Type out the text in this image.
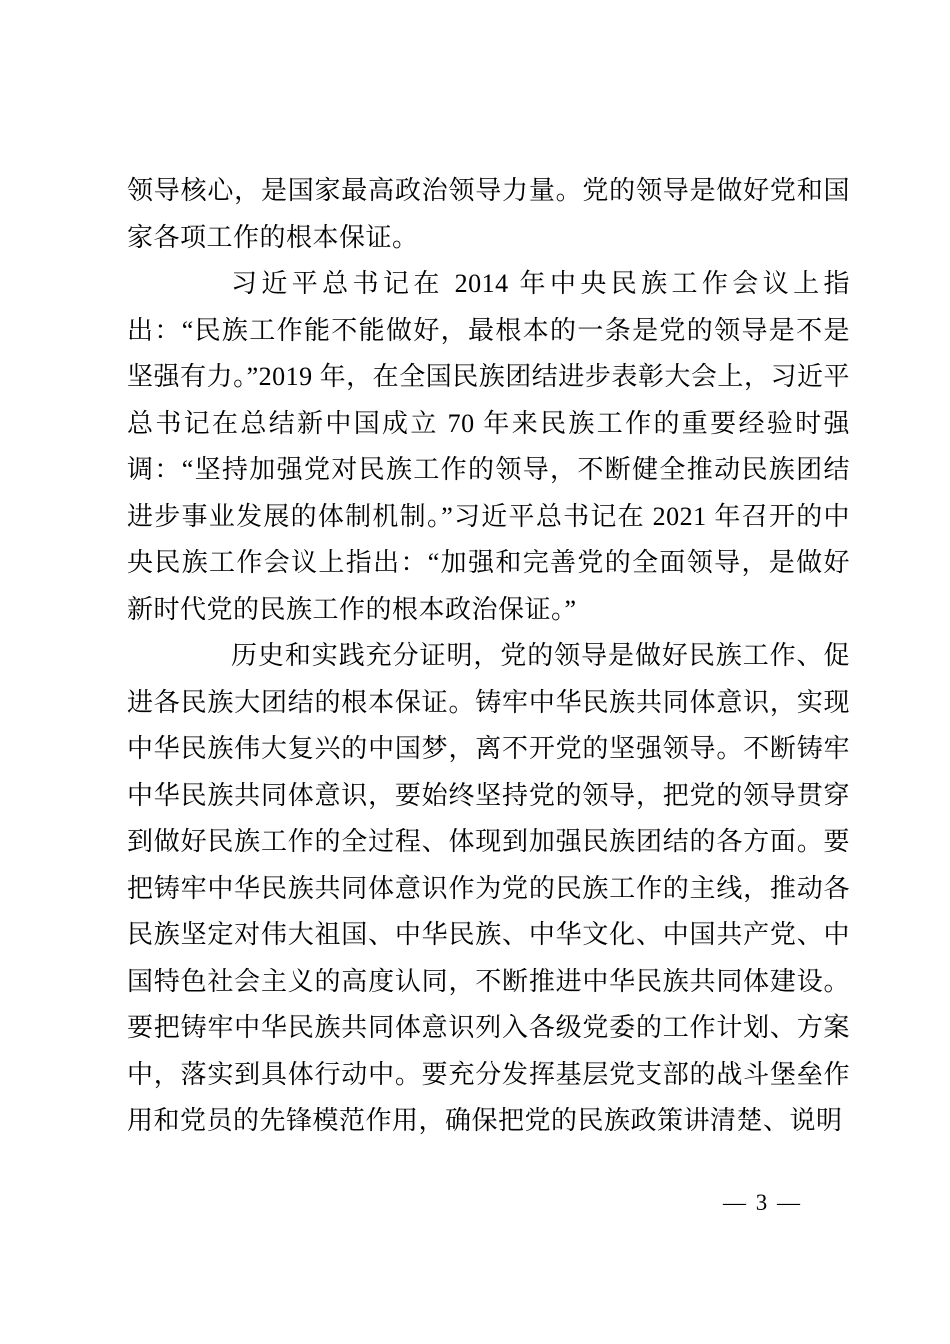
领导核心，是国家最高政治领导力量。党的领导是做好党和国家各项工作的根本保证。

习近平总书记在 2014 年中央民族工作会议上指出：“民族工作能不能做好，最根本的一条是党的领导是不是坚强有力。”2019 年，在全国民族团结进步表彰大会上，习近平总书记在总结新中国成立 70 年来民族工作的重要经验时强调：“坚持加强党对民族工作的领导，不断健全推动民族团结进步事业发展的体制机制。”习近平总书记在 2021 年召开的中央民族工作会议上指出：“加强和完善党的全面领导，是做好新时代党的民族工作的根本政治保证。”

历史和实践充分证明，党的领导是做好民族工作、促进各民族大团结的根本保证。铸牢中华民族共同体意识，实现中华民族伟大复兴的中国梦，离不开党的坚强领导。不断铸牢中华民族共同体意识，要始终坚持党的领导，把党的领导贯穿到做好民族工作的全过程、体现到加强民族团结的各方面。要把铸牢中华民族共同体意识作为党的民族工作的主线，推动各民族坚定对伟大祖国、中华民族、中华文化、中国共产党、中国特色社会主义的高度认同，不断推进中华民族共同体建设。要把铸牢中华民族共同体意识列入各级党委的工作计划、方案中，落实到具体行动中。要充分发挥基层党支部的战斗堡垒作用和党员的先锋模范作用，确保把党的民族政策讲清楚、说明

— 3 —
